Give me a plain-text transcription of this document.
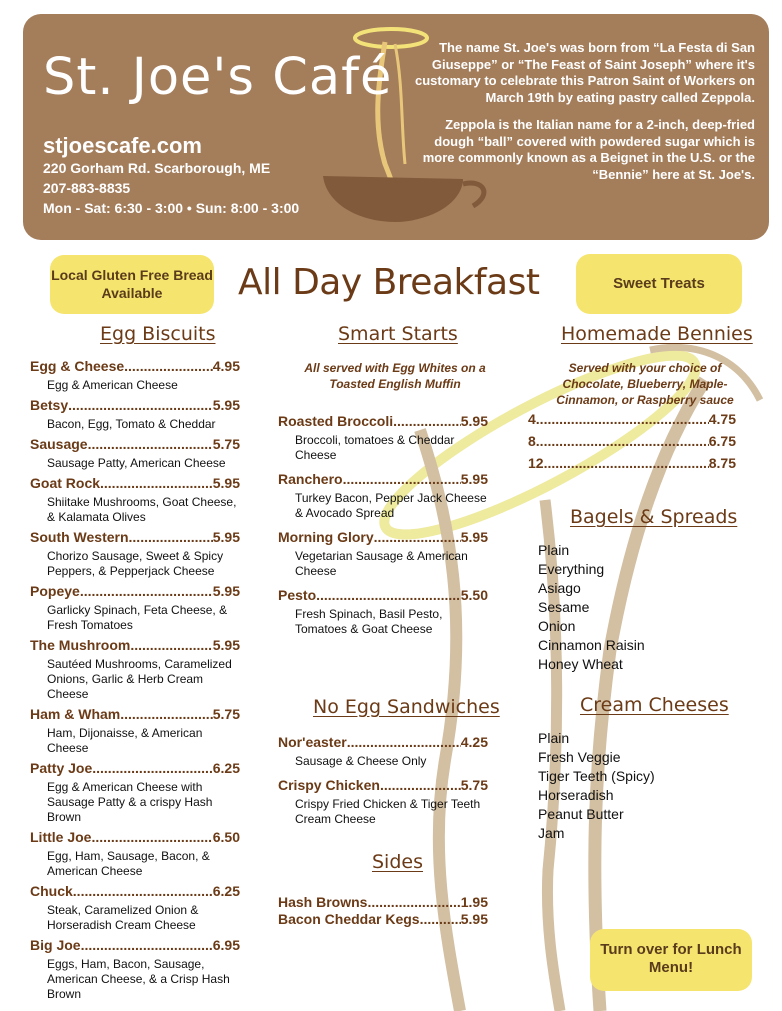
St. Joe's Café
stjoescafe.com
220 Gorham Rd. Scarborough, ME
207-883-8835
Mon - Sat: 6:30 - 3:00 • Sun: 8:00 - 3:00

The name St. Joe's was born from “La Festa di San Giuseppe” or “The Feast of Saint Joseph” where it's customary to celebrate this Patron Saint of Workers on March 19th by eating pastry called Zeppola.

Zeppola is the Italian name for a 2-inch, deep-fried dough “ball” covered with powdered sugar which is more commonly known as a Beignet in the U.S. or the “Bennie” here at St. Joe's.

Local Gluten Free Bread Available
Sweet Treats
Turn over for Lunch Menu!
All Day Breakfast
Egg Biscuits
Egg & Cheese .....	4.95
Egg & American Cheese
Betsy .....	5.95
Bacon, Egg, Tomato & Cheddar
Sausage .....	5.75
Sausage Patty, American Cheese
Goat Rock .....	5.95
Shiitake Mushrooms, Goat Cheese, & Kalamata Olives
South Western .....	5.95
Chorizo Sausage, Sweet & Spicy Peppers, & Pepperjack Cheese
Popeye .....	5.95
Garlicky Spinach, Feta Cheese, & Fresh Tomatoes
The Mushroom .....	5.95
Sautéed Mushrooms, Caramelized Onions, Garlic & Herb Cream Cheese
Ham & Wham .....	5.75
Ham, Dijonaisse, & American Cheese
Patty Joe .....	6.25
Egg & American Cheese with Sausage Patty & a crispy Hash Brown
Little Joe .....	6.50
Egg, Ham, Sausage, Bacon, & American Cheese
Chuck .....	6.25
Steak, Caramelized Onion & Horseradish Cream Cheese
Big Joe .....	6.95
Eggs, Ham, Bacon, Sausage, American Cheese, & a Crisp Hash Brown
Smart Starts
All served with Egg Whites on a Toasted English Muffin
Roasted Broccoli .....	5.95
Broccoli, tomatoes & Cheddar Cheese
Ranchero .....	5.95
Turkey Bacon, Pepper Jack Cheese & Avocado Spread
Morning Glory .....	5.95
Vegetarian Sausage & American Cheese
Pesto .....	5.50
Fresh Spinach, Basil Pesto, Tomatoes & Goat Cheese
No Egg Sandwiches
Nor'easter .....	4.25
Sausage & Cheese Only
Crispy Chicken .....	5.75
Crispy Fried Chicken & Tiger Teeth Cream Cheese
Sides
Hash Browns .....	1.95
Bacon Cheddar Kegs .....	5.95
Homemade Bennies
Served with your choice of Chocolate, Blueberry, Maple-Cinnamon, or Raspberry sauce
4 .....	4.75
8 .....	6.75
12 .....	8.75
Bagels & Spreads
Plain
Everything
Asiago
Sesame
Onion
Cinnamon Raisin
Honey Wheat
Cream Cheeses
Plain
Fresh Veggie
Tiger Teeth (Spicy)
Horseradish
Peanut Butter
Jam
